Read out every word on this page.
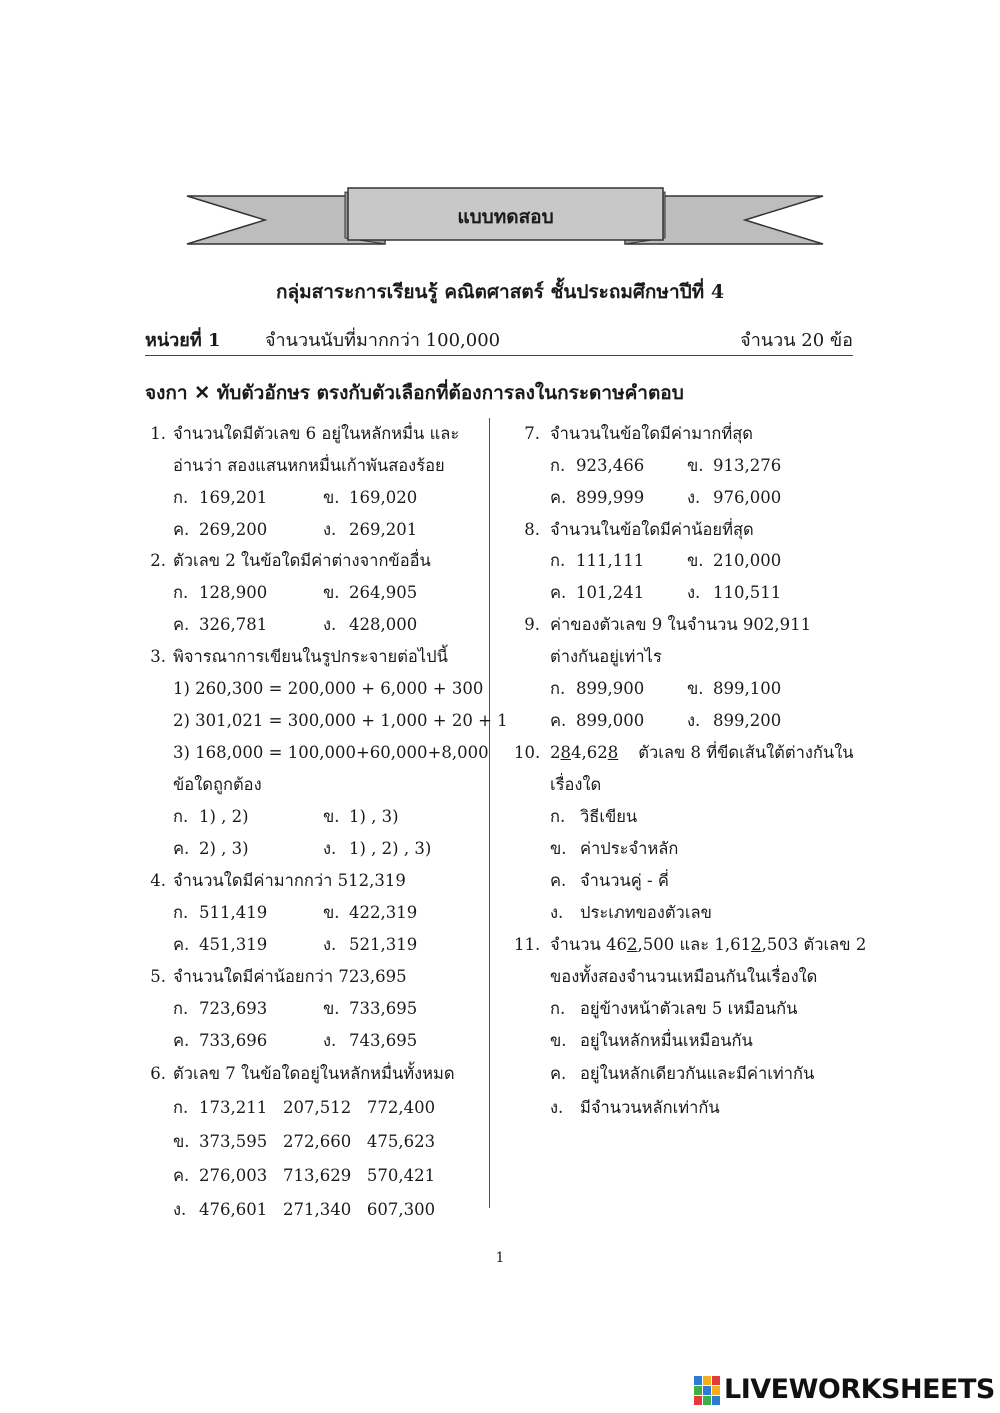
แบบทดสอบ
กลุ่มสาระการเรียนรู้ คณิตศาสตร์ ชั้นประถมศึกษาปีที่ 4
หน่วยที่ 1 จำนวนนับที่มากกว่า 100,000	จำนวน 20 ข้อ
จงกา ✕ ทับตัวอักษร ตรงกับตัวเลือกที่ต้องการลงในกระดาษคำตอบ
1. จำนวนใดมีตัวเลข 6 อยู่ในหลักหมื่น และ
อ่านว่า สองแสนหกหมื่นเก้าพันสองร้อย
ก. 169,201	ข. 169,020
ค. 269,200	ง. 269,201
2. ตัวเลข 2 ในข้อใดมีค่าต่างจากข้ออื่น
ก. 128,900	ข. 264,905
ค. 326,781	ง. 428,000
3. พิจารณาการเขียนในรูปกระจายต่อไปนี้
1) 260,300 = 200,000 + 6,000 + 300
2) 301,021 = 300,000 + 1,000 + 20 + 1
3) 168,000 = 100,000+60,000+8,000
ข้อใดถูกต้อง
ก. 1) , 2)	ข. 1) , 3)
ค. 2) , 3)	ง. 1) , 2) , 3)
4. จำนวนใดมีค่ามากกว่า 512,319
ก. 511,419	ข. 422,319
ค. 451,319	ง. 521,319
5. จำนวนใดมีค่าน้อยกว่า 723,695
ก. 723,693	ข. 733,695
ค. 733,696	ง. 743,695
6. ตัวเลข 7 ในข้อใดอยู่ในหลักหมื่นทั้งหมด
ก. 173,211   207,512   772,400
ข. 373,595   272,660   475,623
ค. 276,003   713,629   570,421
ง. 476,601   271,340   607,300
7. จำนวนในข้อใดมีค่ามากที่สุด
ก. 923,466	ข. 913,276
ค. 899,999	ง. 976,000
8. จำนวนในข้อใดมีค่าน้อยที่สุด
ก. 111,111	ข. 210,000
ค. 101,241	ง. 110,511
9. ค่าของตัวเลข 9 ในจำนวน 902,911
ต่างกันอยู่เท่าไร
ก. 899,900	ข. 899,100
ค. 899,000	ง. 899,200
10. 284,628 ตัวเลข 8 ที่ขีดเส้นใต้ต่างกันใน
เรื่องใด
ก. วิธีเขียน
ข. ค่าประจำหลัก
ค. จำนวนคู่ - คี่
ง. ประเภทของตัวเลข
11. จำนวน 462,500 และ 1,612,503 ตัวเลข 2
ของทั้งสองจำนวนเหมือนกันในเรื่องใด
ก. อยู่ข้างหน้าตัวเลข 5 เหมือนกัน
ข. อยู่ในหลักหมื่นเหมือนกัน
ค. อยู่ในหลักเดียวกันและมีค่าเท่ากัน
ง. มีจำนวนหลักเท่ากัน
1
LIVEWORKSHEETS
